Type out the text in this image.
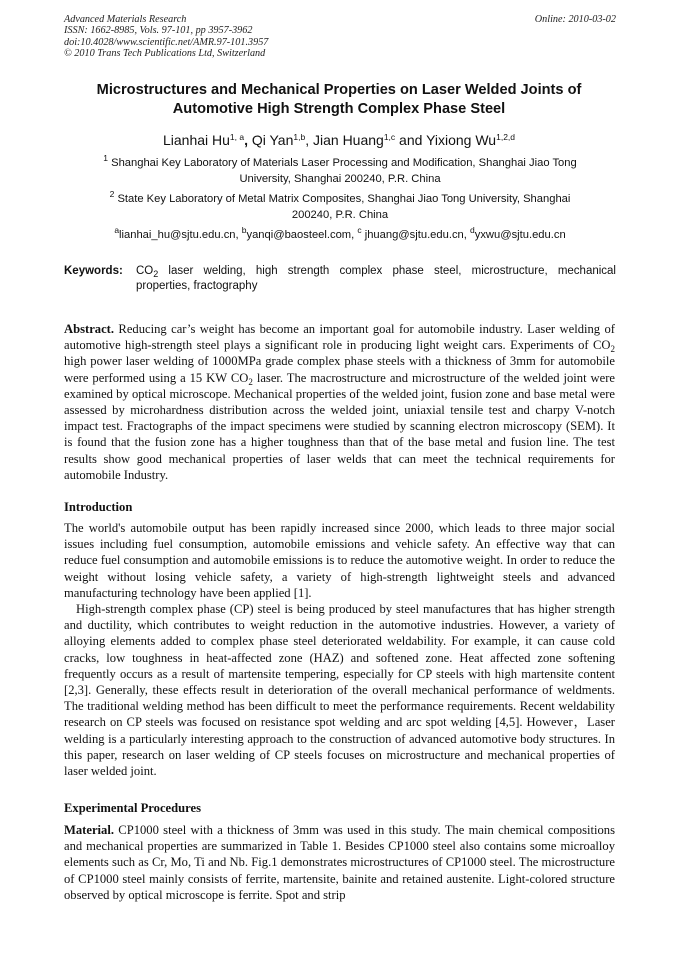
Advanced Materials Research	Online: 2010-03-02
ISSN: 1662-8985, Vols. 97-101, pp 3957-3962
doi:10.4028/www.scientific.net/AMR.97-101.3957
© 2010 Trans Tech Publications Ltd, Switzerland
Microstructures and Mechanical Properties on Laser Welded Joints of
Automotive High Strength Complex Phase Steel
Lianhai Hu$^{1, a}$, Qi Yan$^{1,b}$, Jian Huang$^{1,c}$ and Yixiong Wu$^{1,2,d}$
$^1$ Shanghai Key Laboratory of Materials Laser Processing and Modification, Shanghai Jiao Tong
University, Shanghai 200240, P.R. China
$^2$ State Key Laboratory of Metal Matrix Composites, Shanghai Jiao Tong University, Shanghai
200240, P.R. China
$^a$lianhai_hu@sjtu.edu.cn, $^b$yanqi@baosteel.com, $^c$ jhuang@sjtu.edu.cn, $^d$yxwu@sjtu.edu.cn
Keywords: $CO_2$ laser welding, high strength complex phase steel, microstructure, mechanical
properties, fractography

Abstract. Reducing car’s weight has become an important goal for automobile industry. Laser welding of automotive high-strength steel plays a significant role in producing light weight cars. Experiments of $CO_2$ high power laser welding of 1000MPa grade complex phase steels with a thickness of 3mm for automobile were performed using a 15 KW $CO_2$ laser. The macrostructure and microstructure of the welded joint were examined by optical microscope. Mechanical properties of the welded joint, fusion zone and base metal were assessed by microhardness distribution across the welded joint, uniaxial tensile test and charpy V-notch impact test. Fractographs of the impact specimens were studied by scanning electron microscopy (SEM). It is found that the fusion zone has a higher toughness than that of the base metal and fusion line. The test results show good mechanical properties of laser welds that can meet the technical requirements for automobile Industry.

Introduction

The world's automobile output has been rapidly increased since 2000, which leads to three major social issues including fuel consumption, automobile emissions and vehicle safety. An effective way that can reduce fuel consumption and automobile emissions is to reduce the automotive weight. In order to reduce the weight without losing vehicle safety, a variety of high-strength lightweight steels and advanced manufacturing technology have been applied [1].

High-strength complex phase (CP) steel is being produced by steel manufactures that has higher strength and ductility, which contributes to weight reduction in the automotive industries. However, a variety of alloying elements added to complex phase steel deteriorated weldability. For example, it can cause cold cracks, low toughness in heat-affected zone (HAZ) and softened zone. Heat affected zone softening frequently occurs as a result of martensite tempering, especially for CP steels with high martensite content [2,3]. Generally, these effects result in deterioration of the overall mechanical performance of weldments. The traditional welding method has been difficult to meet the performance requirements. Recent weldability research on CP steels was focused on resistance spot welding and arc spot welding [4,5]. However，Laser welding is a particularly interesting approach to the construction of advanced automotive body structures. In this paper, research on laser welding of CP steels focuses on microstructure and mechanical properties of laser welded joint.

Experimental Procedures

Material. CP1000 steel with a thickness of 3mm was used in this study. The main chemical compositions and mechanical properties are summarized in Table 1. Besides CP1000 steel also contains some microalloy elements such as Cr, Mo, Ti and Nb. Fig.1 demonstrates microstructures of CP1000 steel. The microstructure of CP1000 steel mainly consists of ferrite, martensite, bainite and retained austenite. Light-colored structure observed by optical microscope is ferrite. Spot and strip
